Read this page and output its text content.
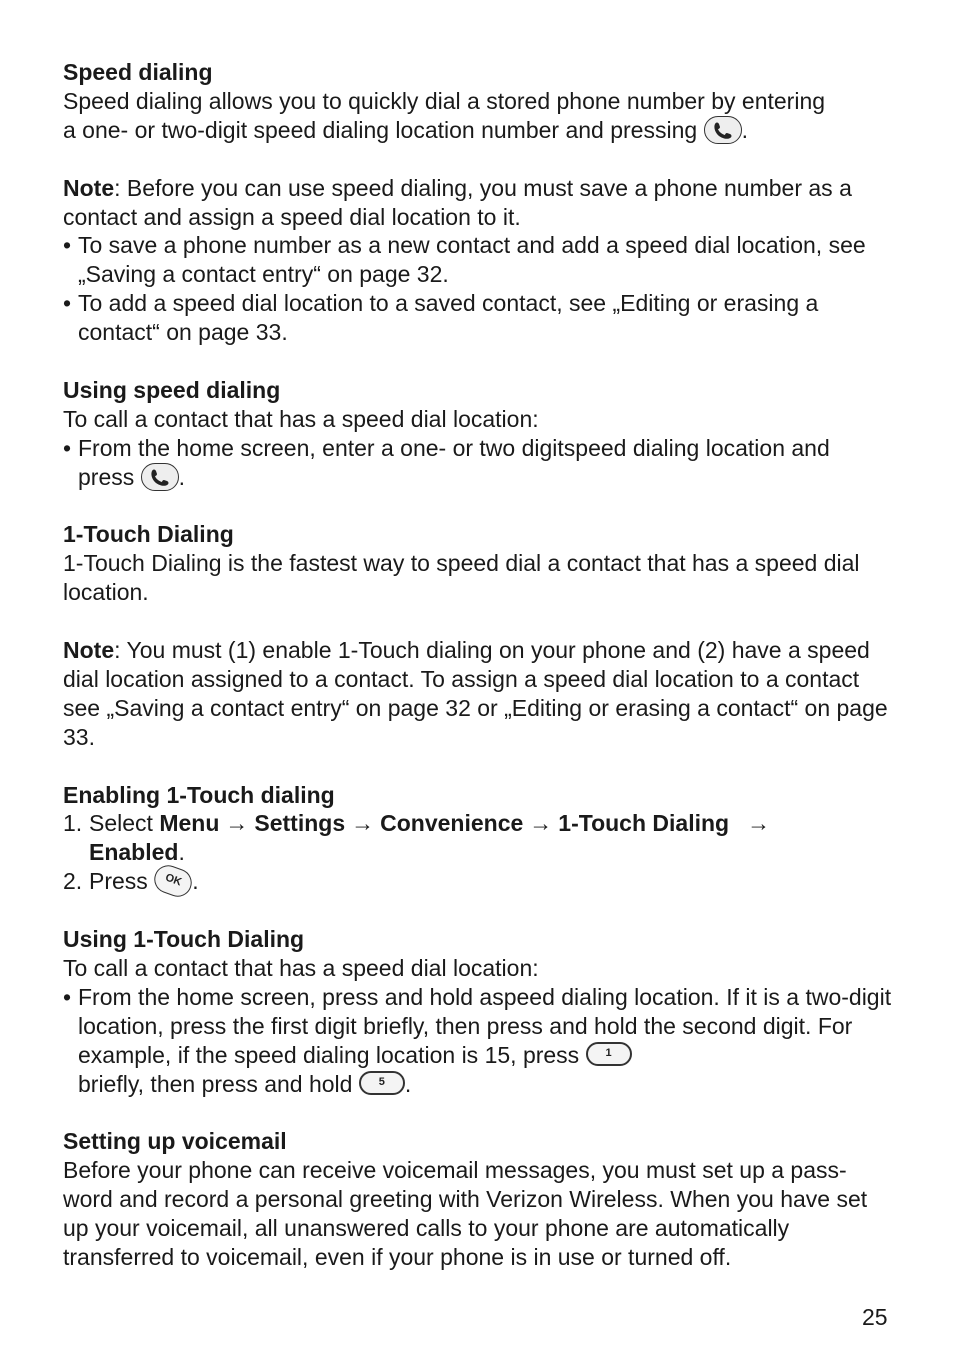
Speed dialing

Speed dialing allows you to quickly dial a stored phone number by entering
a one- or two-digit speed dialing location number and pressing .

Note: Before you can use speed dialing, you must save a phone number as a contact and assign a speed dial location to it.

• To save a phone number as a new contact and add a speed dial location, see „Saving a contact entry“ on page 32.
• To add a speed dial location to a saved contact, see „Editing or erasing a contact“ on page 33.

Using speed dialing

To call a contact that has a speed dial location:

• From the home screen, enter a one- or two digitspeed dialing location and
press .

1-Touch Dialing

1-Touch Dialing is the fastest way to speed dial a contact that has a speed dial location.

Note: You must (1) enable 1-Touch dialing on your phone and (2) have a speed dial location assigned to a contact. To assign a speed dial location to a contact see „Saving a contact entry“ on page 32 or „Editing or erasing a contact“ on page 33.

Enabling 1-Touch dialing

1. Select Menu → Settings → Convenience → 1-Touch Dialing →
Enabled.
2. Press	OK .

Using 1-Touch Dialing

To call a contact that has a speed dial location:

• From the home screen, press and hold aspeed dialing location. If it is a two-digit location, press the first digit briefly, then press and hold the second digit. For example, if the speed dialing location is 15, press	1

briefly, then press and hold	5 .

Setting up voicemail

Before your phone can receive voicemail messages, you must set up a pass-word and record a personal greeting with Verizon Wireless. When you have set up your voicemail, all unanswered calls to your phone are automatically transferred to voicemail, even if your phone is in use or turned off.

25
